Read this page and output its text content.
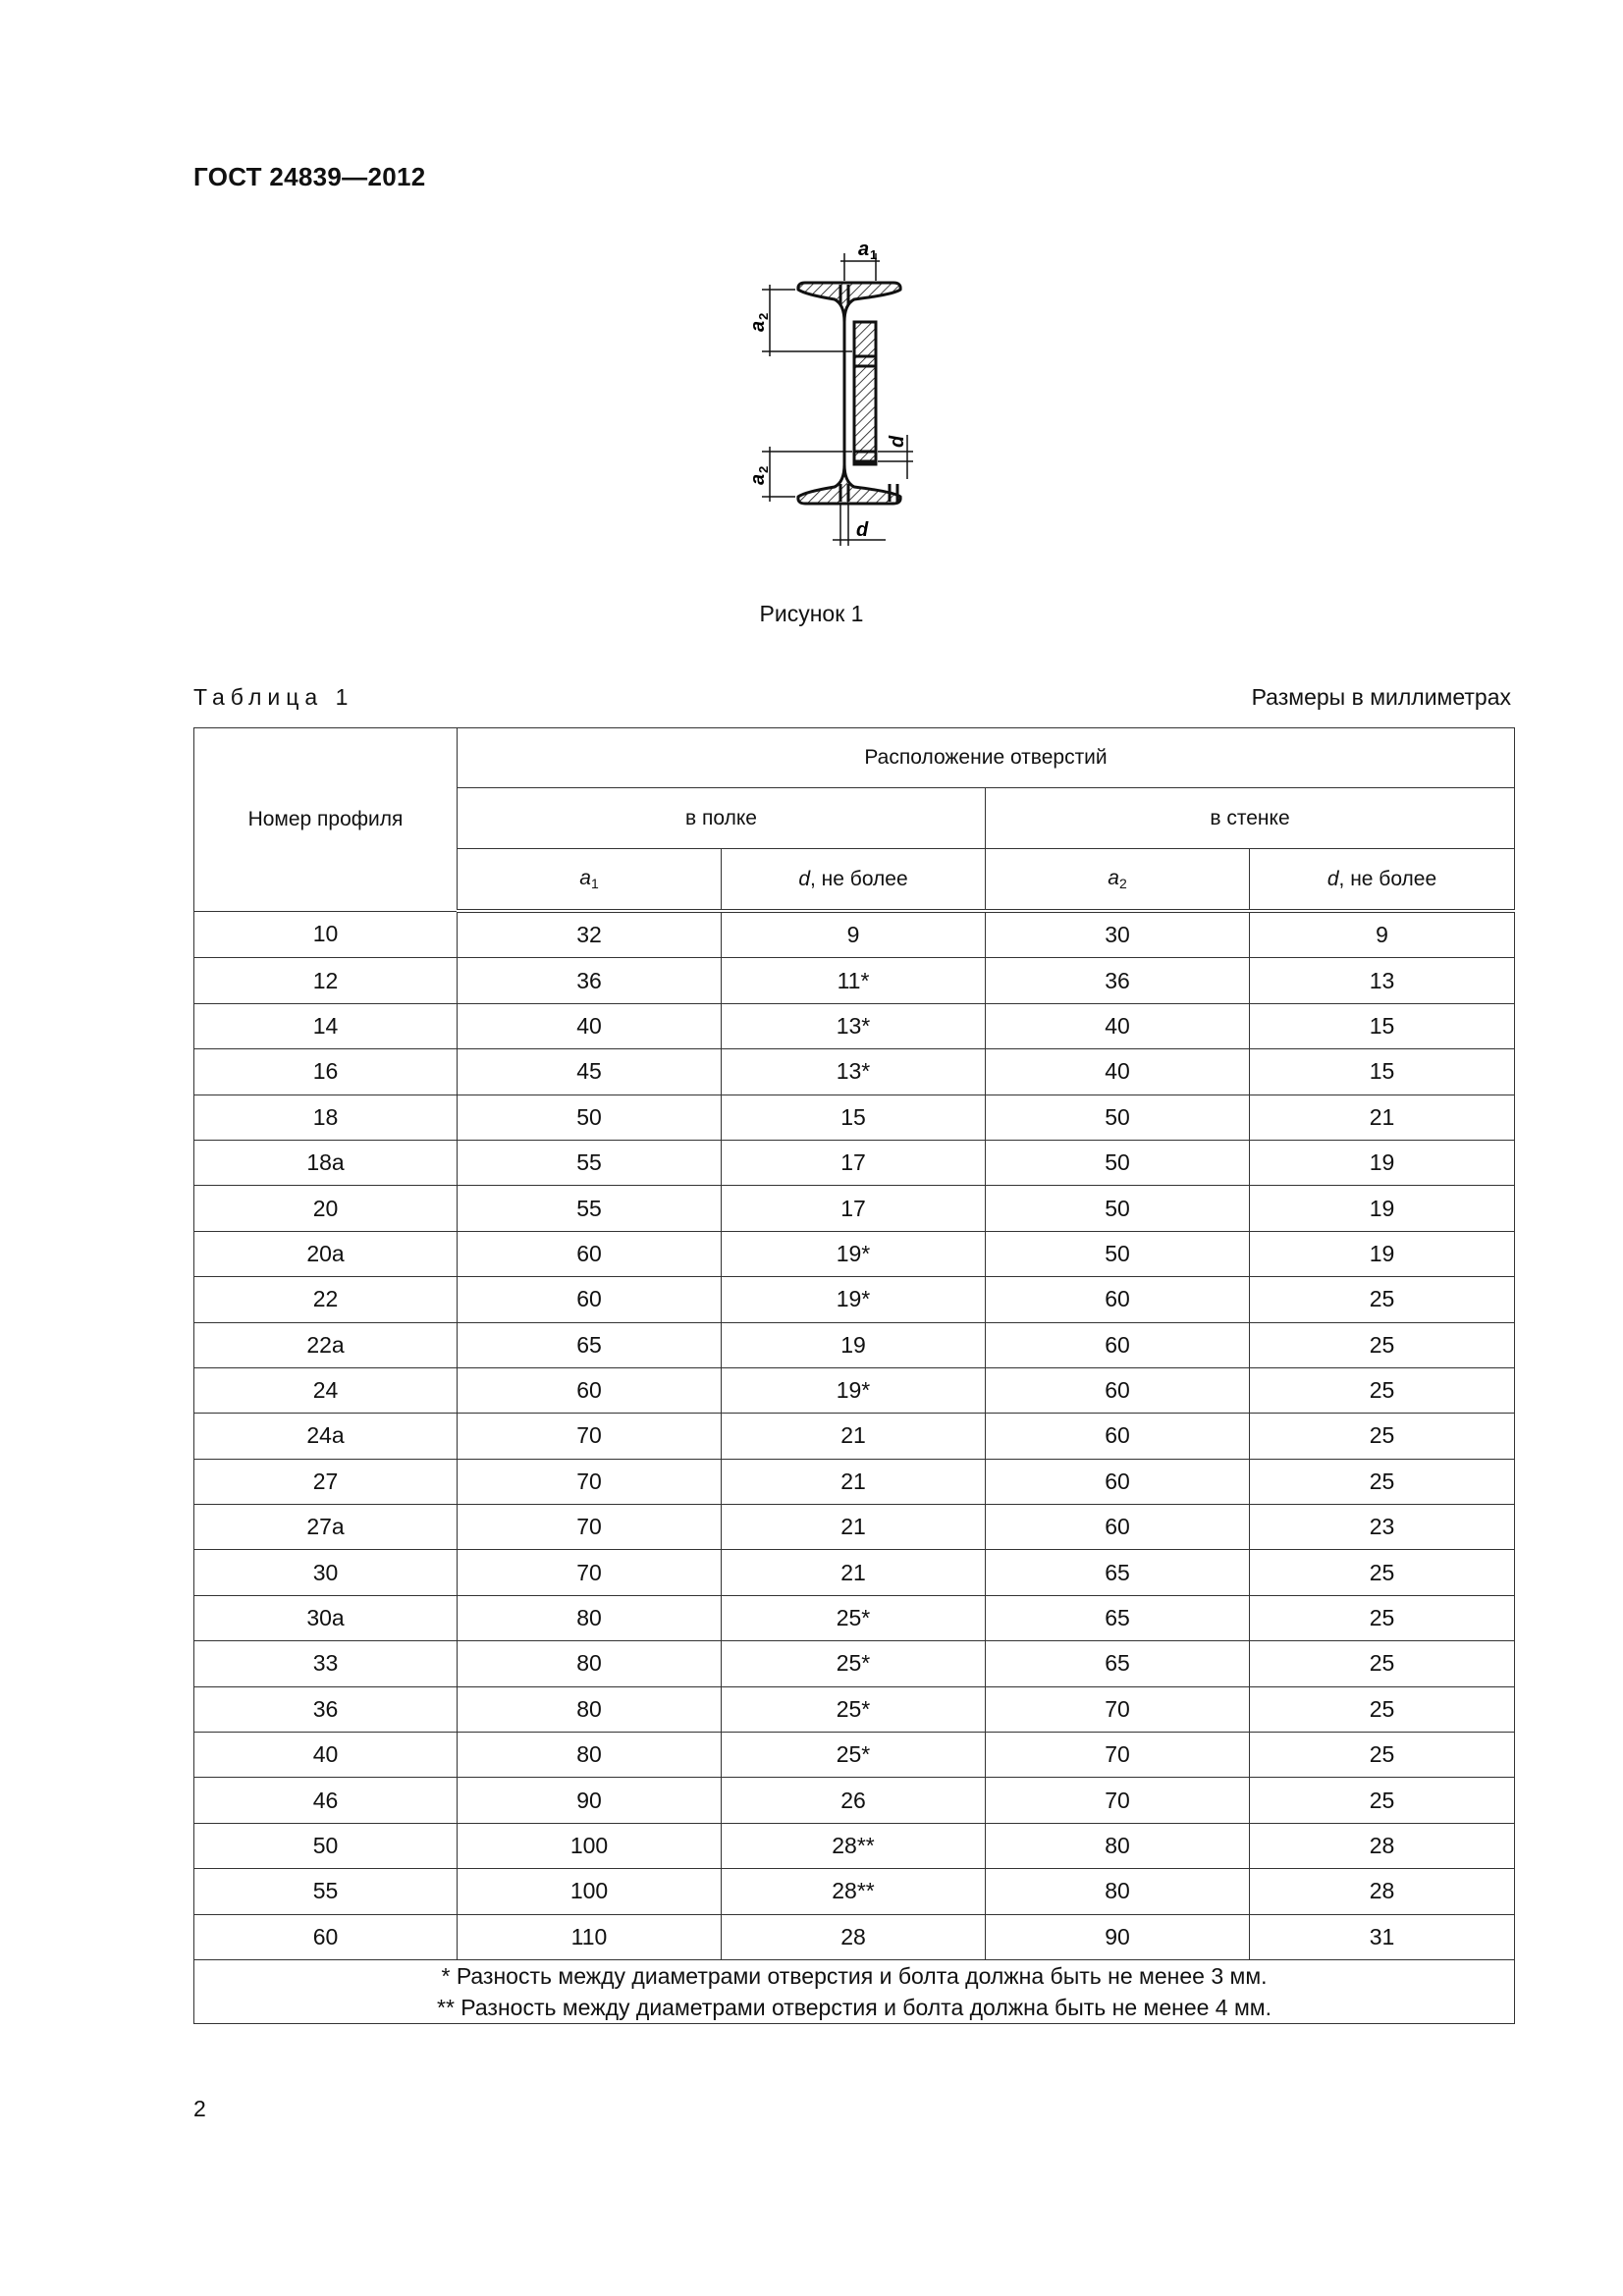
ГОСТ 24839—2012
a 1
a
2
d
a
2
d
Рисунок 1
Таблица 1	Размеры в миллиметрах
Номер профиля	Расположение отверстий			
	в полке		в стенке	
	$a_1$	d, не более	$a_2$	d, не более
10	32	9	30	9
12	36	11*	36	13
14	40	13*	40	15
16	45	13*	40	15
18	50	15	50	21
18а	55	17	50	19
20	55	17	50	19
20а	60	19*	50	19
22	60	19*	60	25
22а	65	19	60	25
24	60	19*	60	25
24а	70	21	60	25
27	70	21	60	25
27а	70	21	60	23
30	70	21	65	25
30а	80	25*	65	25
33	80	25*	65	25
36	80	25*	70	25
40	80	25*	70	25
46	90	26	70	25
50	100	28**	80	28
55	100	28**	80	28
60	110	28	90	31

* Разность между диаметрами отверстия и болта должна быть не менее 3 мм.
** Разность между диаметрами отверстия и болта должна быть не менее 4 мм.				
2
